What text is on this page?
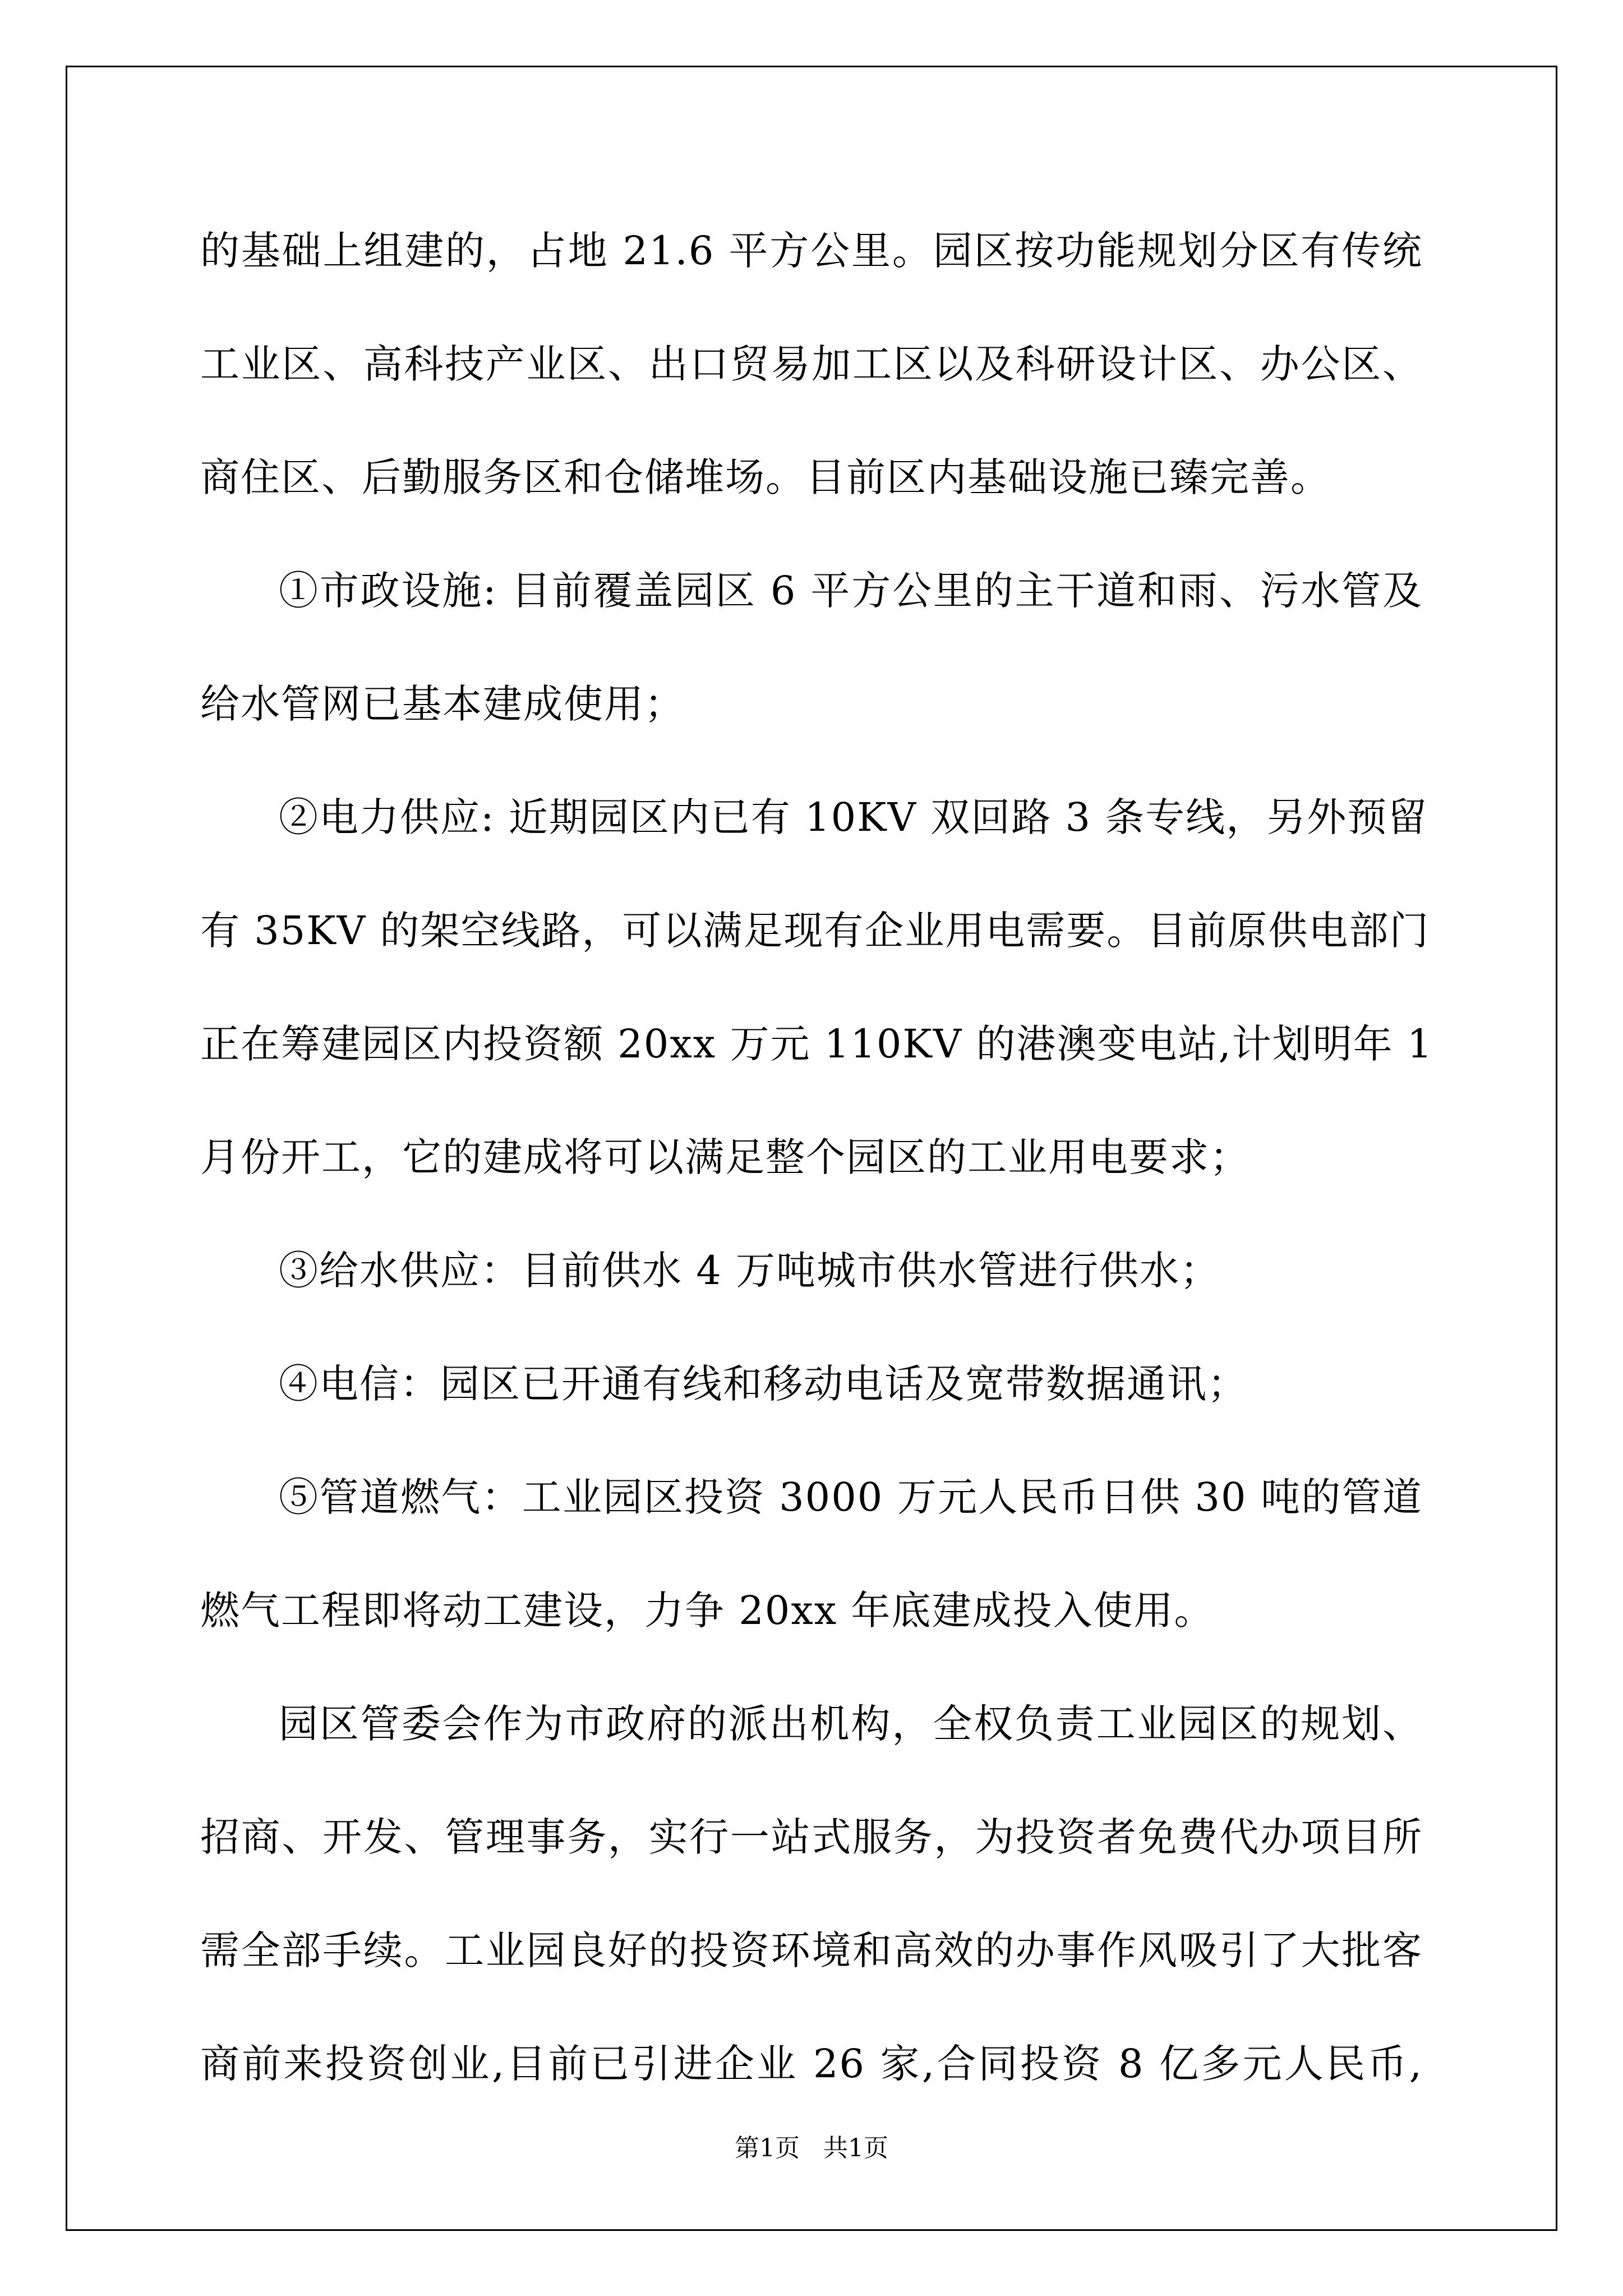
的基础上组建的，占地 21.6 平方公里。园区按功能规划分区有传统

工业区、高科技产业区、出口贸易加工区以及科研设计区、办公区、

商住区、后勤服务区和仓储堆场。目前区内基础设施已臻完善。

①市政设施: 目前覆盖园区 6 平方公里的主干道和雨、污水管及

给水管网已基本建成使用；

②电力供应: 近期园区内已有 10KV 双回路 3 条专线，另外预留

有 35KV 的架空线路，可以满足现有企业用电需要。目前原供电部门

正在筹建园区内投资额 20xx 万元 110KV 的港澳变电站,计划明年 1

月份开工，它的建成将可以满足整个园区的工业用电要求；

③给水供应：目前供水 4 万吨城市供水管进行供水；

④电信：园区已开通有线和移动电话及宽带数据通讯；

⑤管道燃气：工业园区投资 3000 万元人民币日供 30 吨的管道

燃气工程即将动工建设，力争 20xx 年底建成投入使用。

园区管委会作为市政府的派出机构，全权负责工业园区的规划、

招商、开发、管理事务，实行一站式服务，为投资者免费代办项目所

需全部手续。工业园良好的投资环境和高效的办事作风吸引了大批客

商前来投资创业,目前已引进企业 26 家,合同投资 8 亿多元人民币,

第1页   共1页
